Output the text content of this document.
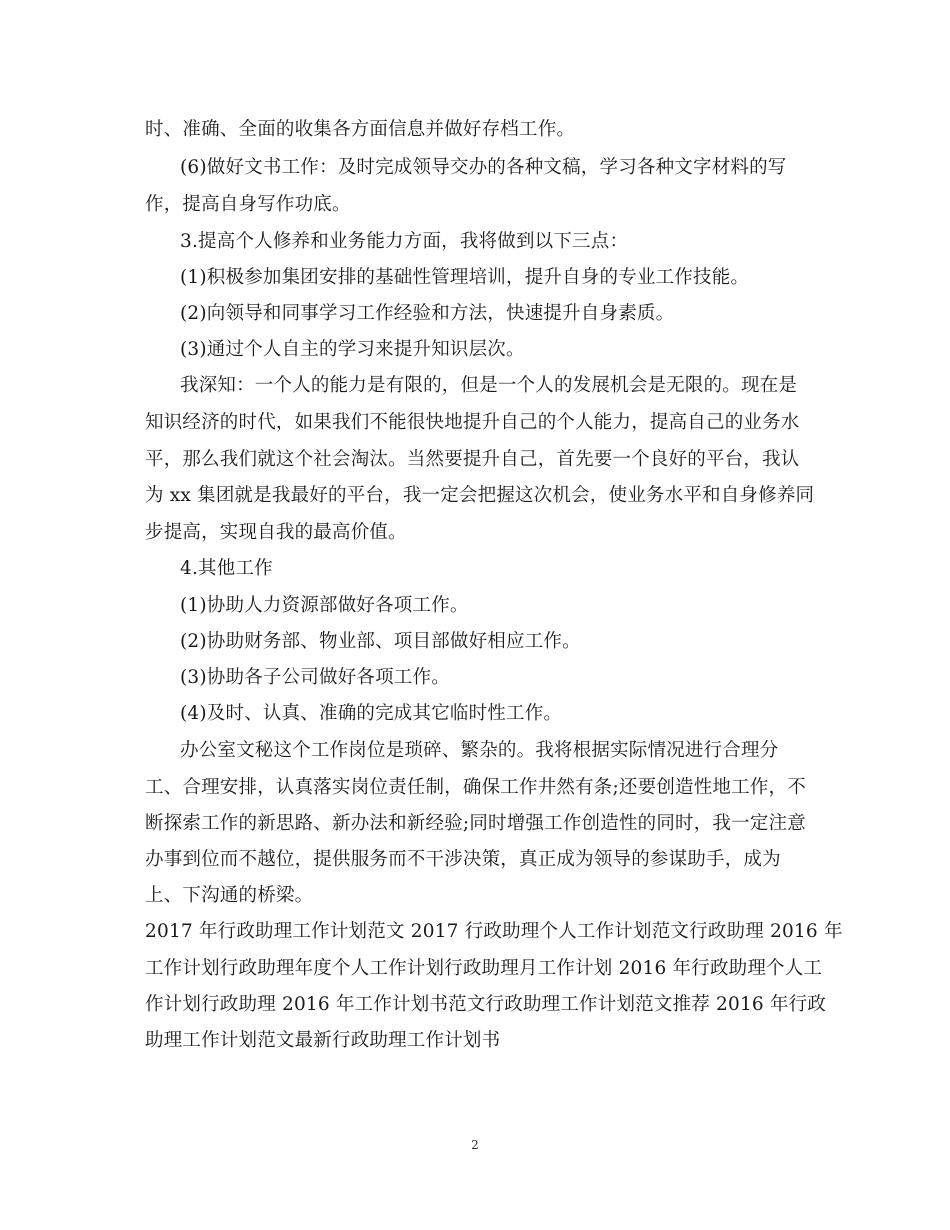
时、准确、全面的收集各方面信息并做好存档工作。
(6)做好文书工作：及时完成领导交办的各种文稿，学习各种文字材料的写
作，提高自身写作功底。
3.提高个人修养和业务能力方面，我将做到以下三点：
(1)积极参加集团安排的基础性管理培训，提升自身的专业工作技能。
(2)向领导和同事学习工作经验和方法，快速提升自身素质。
(3)通过个人自主的学习来提升知识层次。
我深知：一个人的能力是有限的，但是一个人的发展机会是无限的。现在是
知识经济的时代，如果我们不能很快地提升自己的个人能力，提高自己的业务水
平，那么我们就这个社会淘汰。当然要提升自己，首先要一个良好的平台，我认
为 xx 集团就是我最好的平台，我一定会把握这次机会，使业务水平和自身修养同
步提高，实现自我的最高价值。
4.其他工作
(1)协助人力资源部做好各项工作。
(2)协助财务部、物业部、项目部做好相应工作。
(3)协助各子公司做好各项工作。
(4)及时、认真、准确的完成其它临时性工作。
办公室文秘这个工作岗位是琐碎、繁杂的。我将根据实际情况进行合理分
工、合理安排，认真落实岗位责任制，确保工作井然有条;还要创造性地工作，不
断探索工作的新思路、新办法和新经验;同时增强工作创造性的同时，我一定注意
办事到位而不越位，提供服务而不干涉决策，真正成为领导的参谋助手，成为
上、下沟通的桥梁。
2017 年行政助理工作计划范文 2017 行政助理个人工作计划范文行政助理 2016 年
工作计划行政助理年度个人工作计划行政助理月工作计划 2016 年行政助理个人工
作计划行政助理 2016 年工作计划书范文行政助理工作计划范文推荐 2016 年行政
助理工作计划范文最新行政助理工作计划书
2
